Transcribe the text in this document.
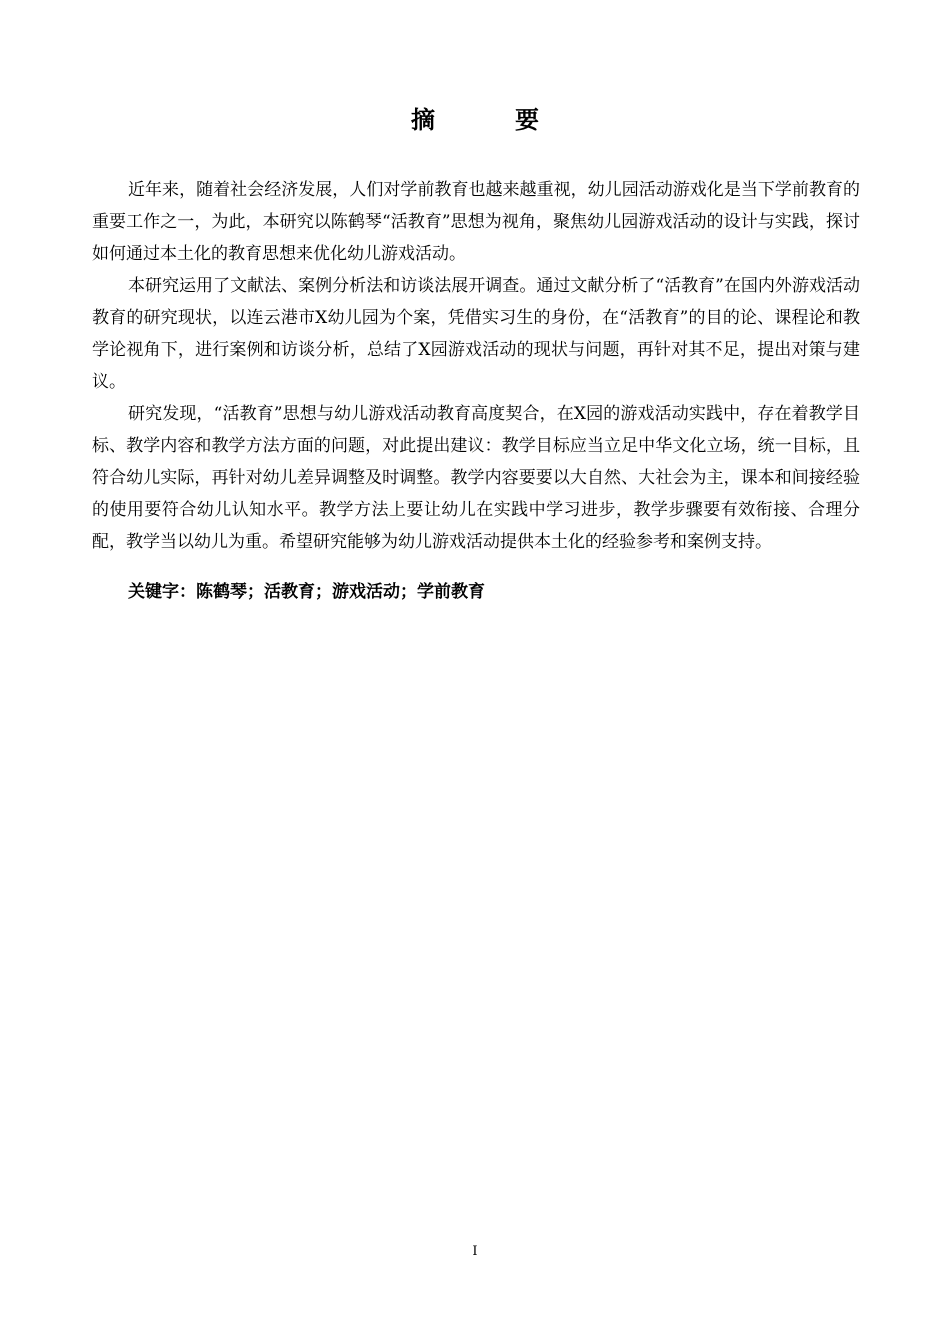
摘　要

近年来，随着社会经济发展，人们对学前教育也越来越重视，幼儿园活动游戏化是当下学前教育的重要工作之一，为此，本研究以陈鹤琴“活教育”思想为视角，聚焦幼儿园游戏活动的设计与实践，探讨如何通过本土化的教育思想来优化幼儿游戏活动。

本研究运用了文献法、案例分析法和访谈法展开调查。通过文献分析了“活教育”在国内外游戏活动教育的研究现状，以连云港市X幼儿园为个案，凭借实习生的身份，在“活教育”的目的论、课程论和教学论视角下，进行案例和访谈分析，总结了X园游戏活动的现状与问题，再针对其不足，提出对策与建议。

研究发现，“活教育”思想与幼儿游戏活动教育高度契合，在X园的游戏活动实践中，存在着教学目标、教学内容和教学方法方面的问题，对此提出建议：教学目标应当立足中华文化立场，统一目标，且符合幼儿实际，再针对幼儿差异调整及时调整。教学内容要要以大自然、大社会为主，课本和间接经验的使用要符合幼儿认知水平。教学方法上要让幼儿在实践中学习进步，教学步骤要有效衔接、合理分配，教学当以幼儿为重。希望研究能够为幼儿游戏活动提供本土化的经验参考和案例支持。

关键字：陈鹤琴；活教育；游戏活动；学前教育

I
